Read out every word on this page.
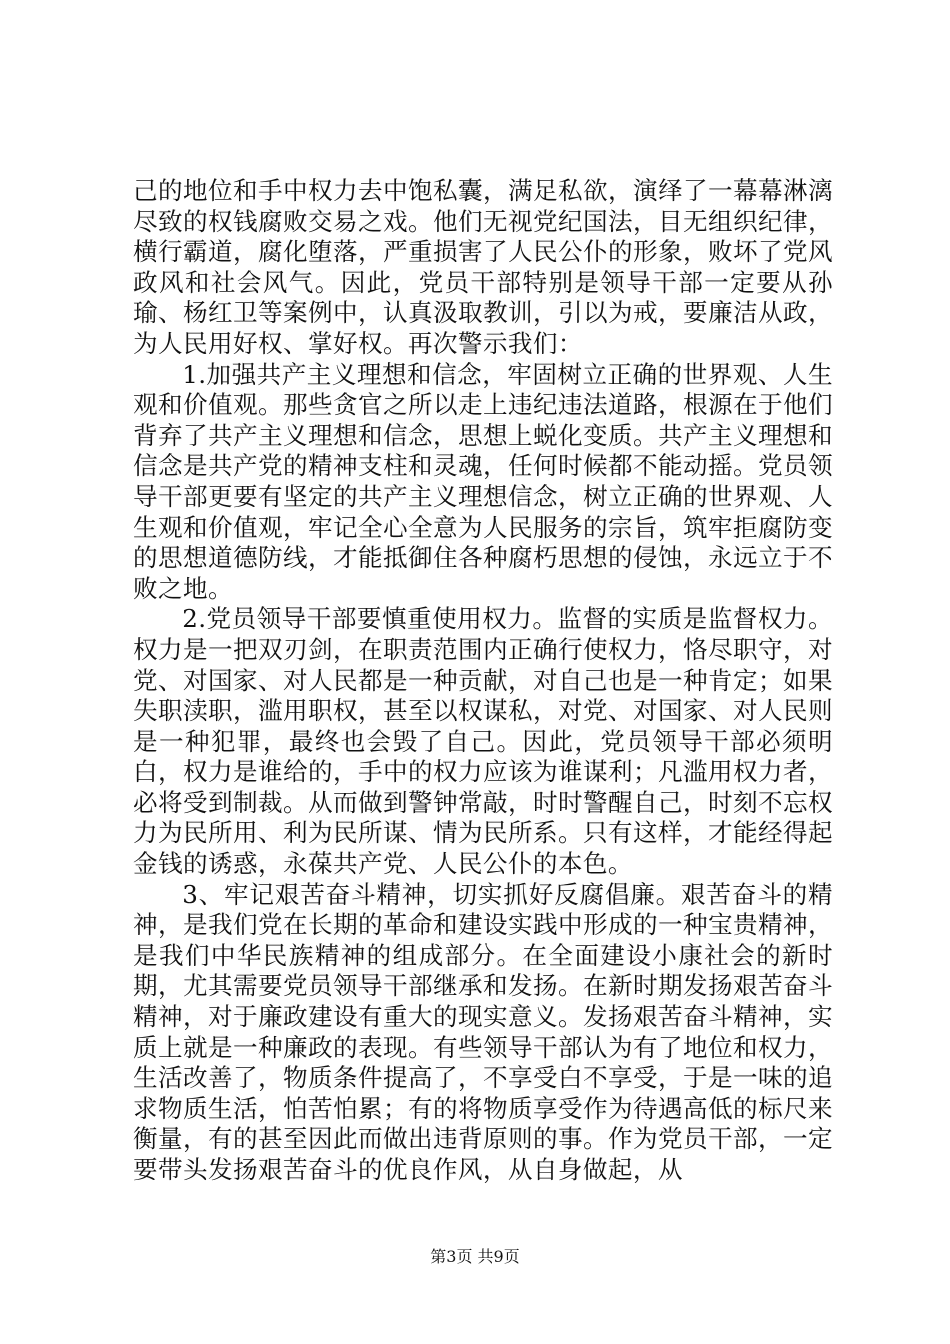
己的地位和手中权力去中饱私囊，满足私欲，演绎了一幕幕淋漓尽致的权钱腐败交易之戏。他们无视党纪国法，目无组织纪律，横行霸道，腐化堕落，严重损害了人民公仆的形象，败坏了党风政风和社会风气。因此，党员干部特别是领导干部一定要从孙瑜、杨红卫等案例中，认真汲取教训，引以为戒，要廉洁从政，为人民用好权、掌好权。再次警示我们：

1.加强共产主义理想和信念，牢固树立正确的世界观、人生观和价值观。那些贪官之所以走上违纪违法道路，根源在于他们背弃了共产主义理想和信念，思想上蜕化变质。共产主义理想和信念是共产党的精神支柱和灵魂，任何时候都不能动摇。党员领导干部更要有坚定的共产主义理想信念，树立正确的世界观、人生观和价值观，牢记全心全意为人民服务的宗旨，筑牢拒腐防变的思想道德防线，才能抵御住各种腐朽思想的侵蚀，永远立于不败之地。

2.党员领导干部要慎重使用权力。监督的实质是监督权力。权力是一把双刃剑，在职责范围内正确行使权力，恪尽职守，对党、对国家、对人民都是一种贡献，对自己也是一种肯定；如果失职渎职，滥用职权，甚至以权谋私，对党、对国家、对人民则是一种犯罪，最终也会毁了自己。因此，党员领导干部必须明白，权力是谁给的，手中的权力应该为谁谋利；凡滥用权力者，必将受到制裁。从而做到警钟常敲，时时警醒自己，时刻不忘权力为民所用、利为民所谋、情为民所系。只有这样，才能经得起金钱的诱惑，永葆共产党、人民公仆的本色。

3、牢记艰苦奋斗精神，切实抓好反腐倡廉。艰苦奋斗的精神，是我们党在长期的革命和建设实践中形成的一种宝贵精神，是我们中华民族精神的组成部分。在全面建设小康社会的新时期，尤其需要党员领导干部继承和发扬。在新时期发扬艰苦奋斗精神，对于廉政建设有重大的现实意义。发扬艰苦奋斗精神，实质上就是一种廉政的表现。有些领导干部认为有了地位和权力，生活改善了，物质条件提高了，不享受白不享受，于是一味的追求物质生活，怕苦怕累；有的将物质享受作为待遇高低的标尺来衡量，有的甚至因此而做出违背原则的事。作为党员干部，一定要带头发扬艰苦奋斗的优良作风，从自身做起，从

第3页 共9页
